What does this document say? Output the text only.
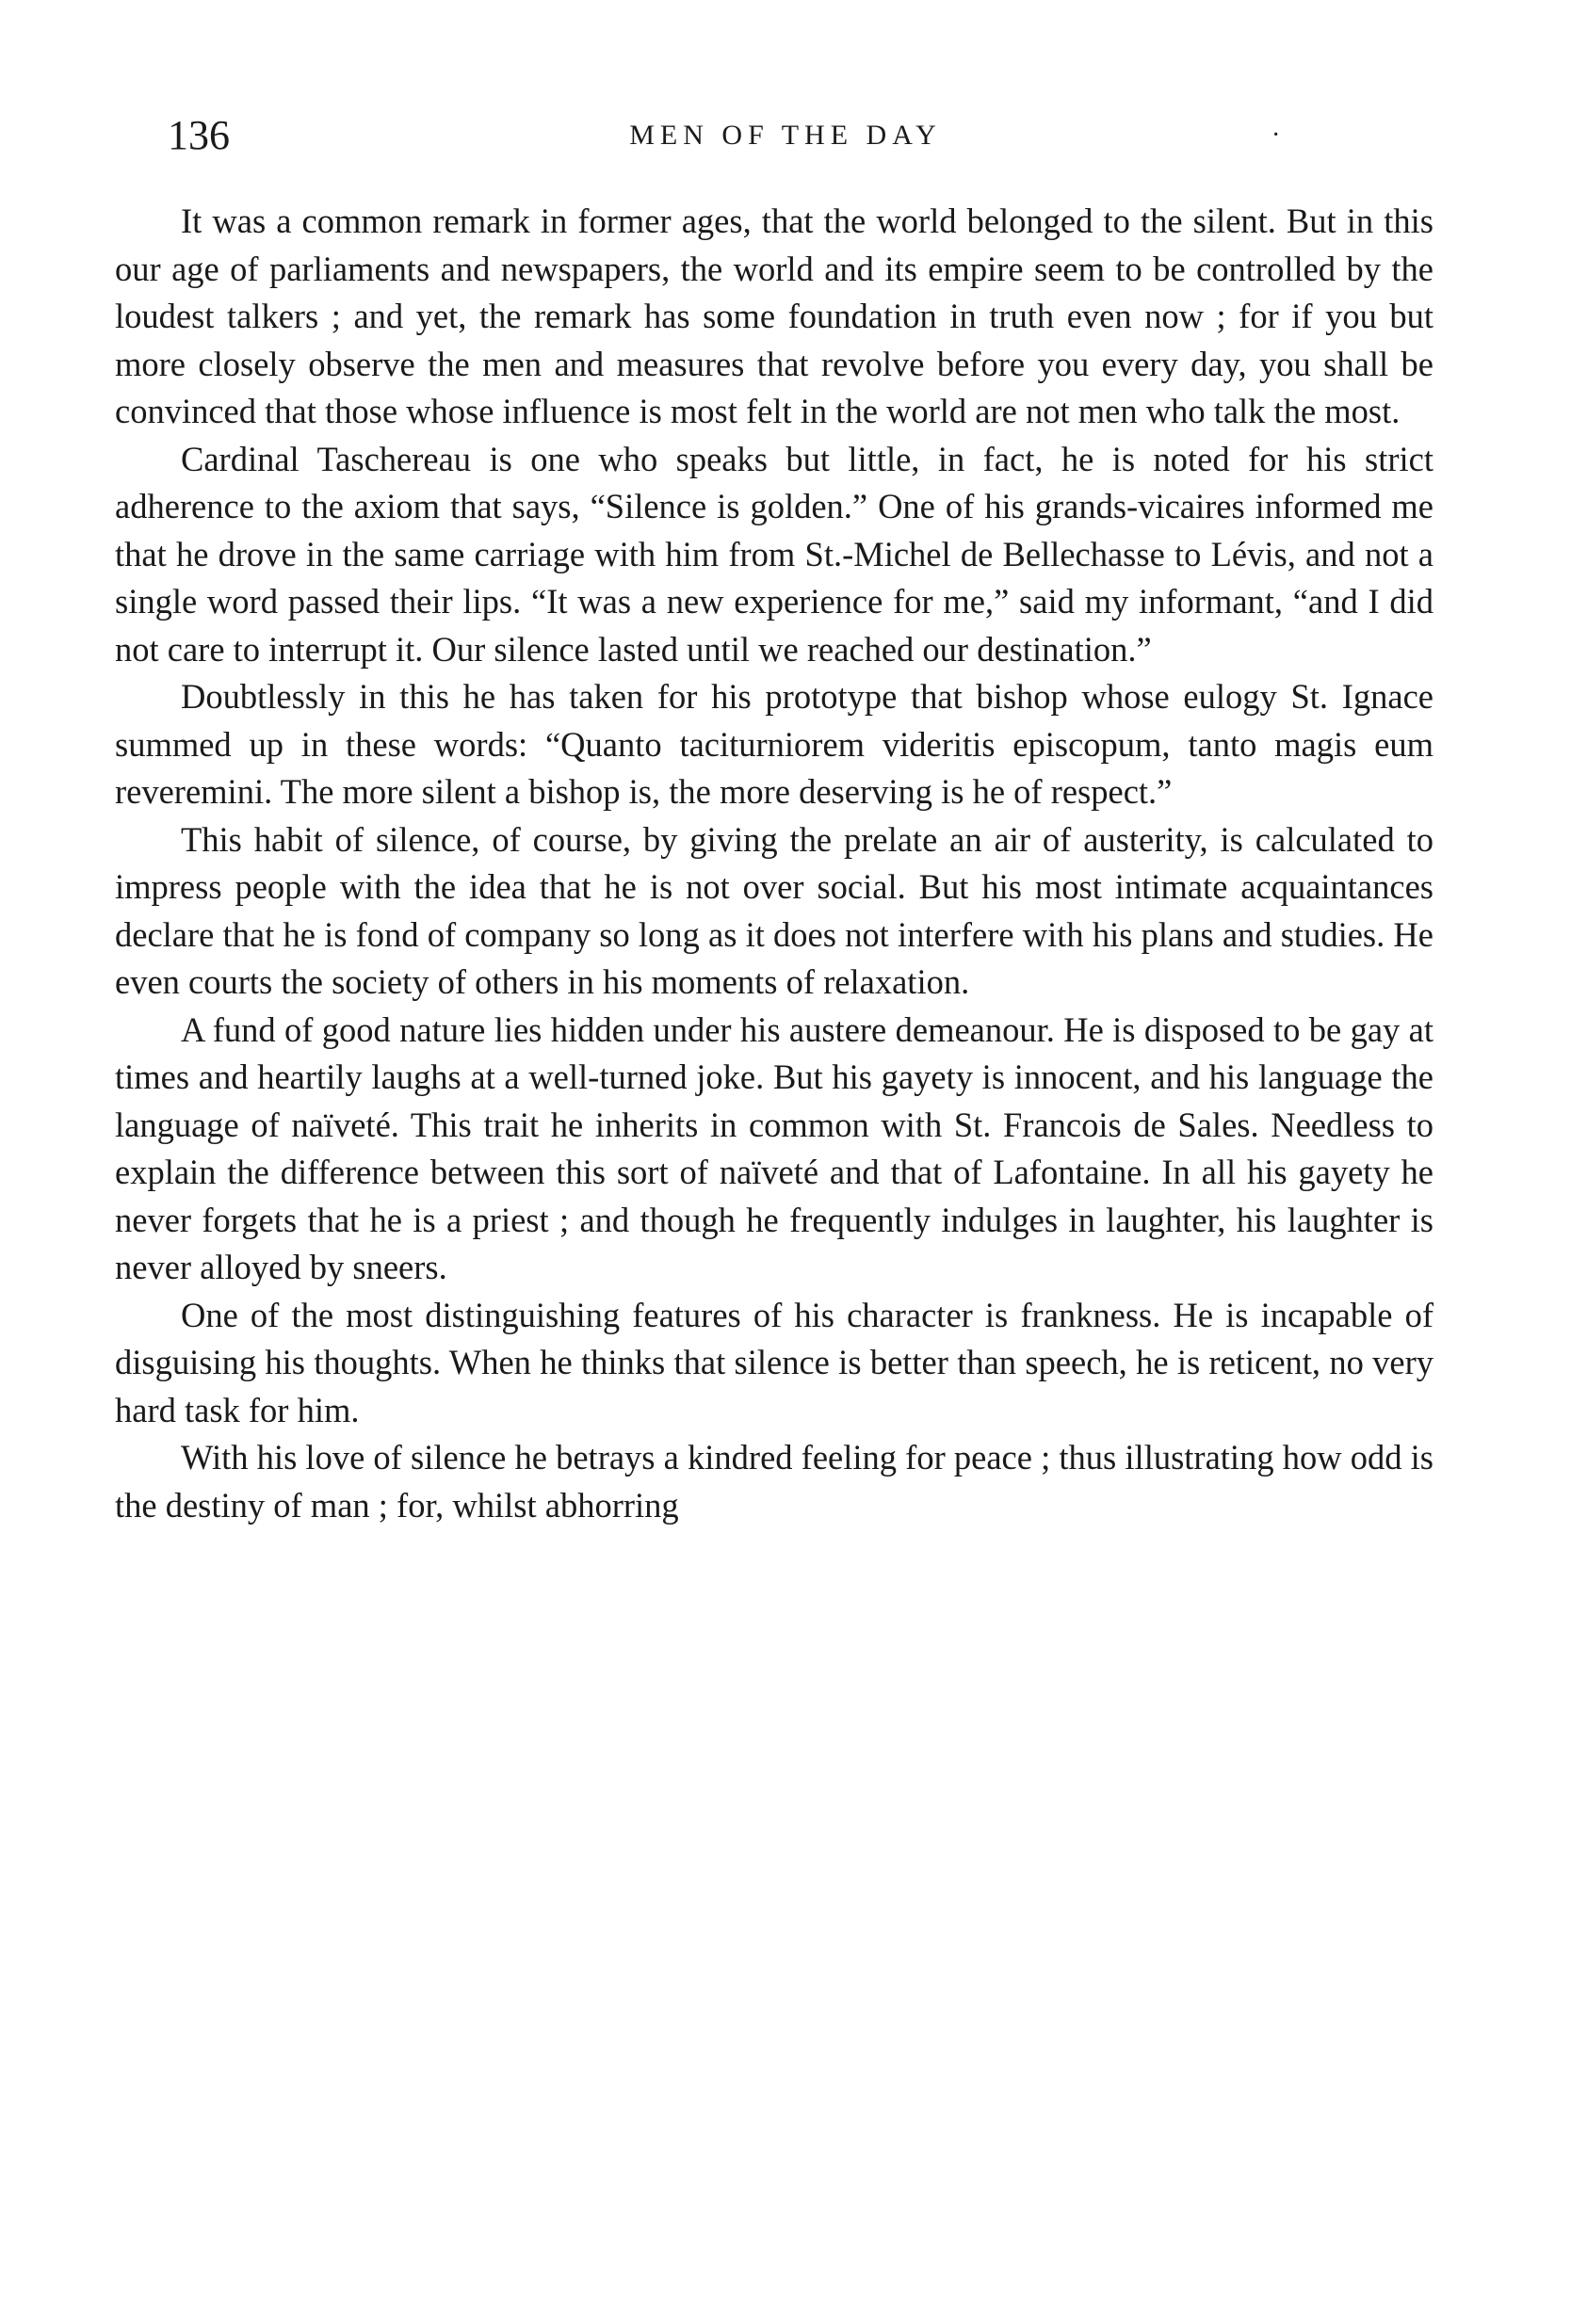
136	MEN OF THE DAY	·

It was a common remark in former ages, that the world belonged to the silent. But in this our age of parliaments and newspapers, the world and its empire seem to be controlled by the loudest talkers ; and yet, the remark has some foundation in truth even now ; for if you but more closely observe the men and measures that revolve before you every day, you shall be convinced that those whose influence is most felt in the world are not men who talk the most.

Cardinal Taschereau is one who speaks but little, in fact, he is noted for his strict adherence to the axiom that says, “Silence is golden.” One of his grands-vicaires informed me that he drove in the same carriage with him from St.-Michel de Bellechasse to Lévis, and not a single word passed their lips. “It was a new experience for me,” said my informant, “and I did not care to interrupt it. Our silence lasted until we reached our destination.”

Doubtlessly in this he has taken for his prototype that bishop whose eulogy St. Ignace summed up in these words: “Quanto taciturniorem videritis episcopum, tanto magis eum reveremini. The more silent a bishop is, the more deserving is he of respect.”

This habit of silence, of course, by giving the prelate an air of austerity, is calculated to impress people with the idea that he is not over social. But his most intimate acquaintances declare that he is fond of company so long as it does not interfere with his plans and studies. He even courts the society of others in his moments of relaxation.

A fund of good nature lies hidden under his austere demeanour. He is disposed to be gay at times and heartily laughs at a well-turned joke. But his gayety is innocent, and his language the language of naïveté. This trait he inherits in common with St. Francois de Sales. Needless to explain the difference between this sort of naïveté and that of Lafontaine. In all his gayety he never forgets that he is a priest ; and though he frequently indulges in laughter, his laughter is never alloyed by sneers.

One of the most distinguishing features of his character is frankness. He is incapable of disguising his thoughts. When he thinks that silence is better than speech, he is reticent, no very hard task for him.

With his love of silence he betrays a kindred feeling for peace ; thus illustrating how odd is the destiny of man ; for, whilst abhorring
